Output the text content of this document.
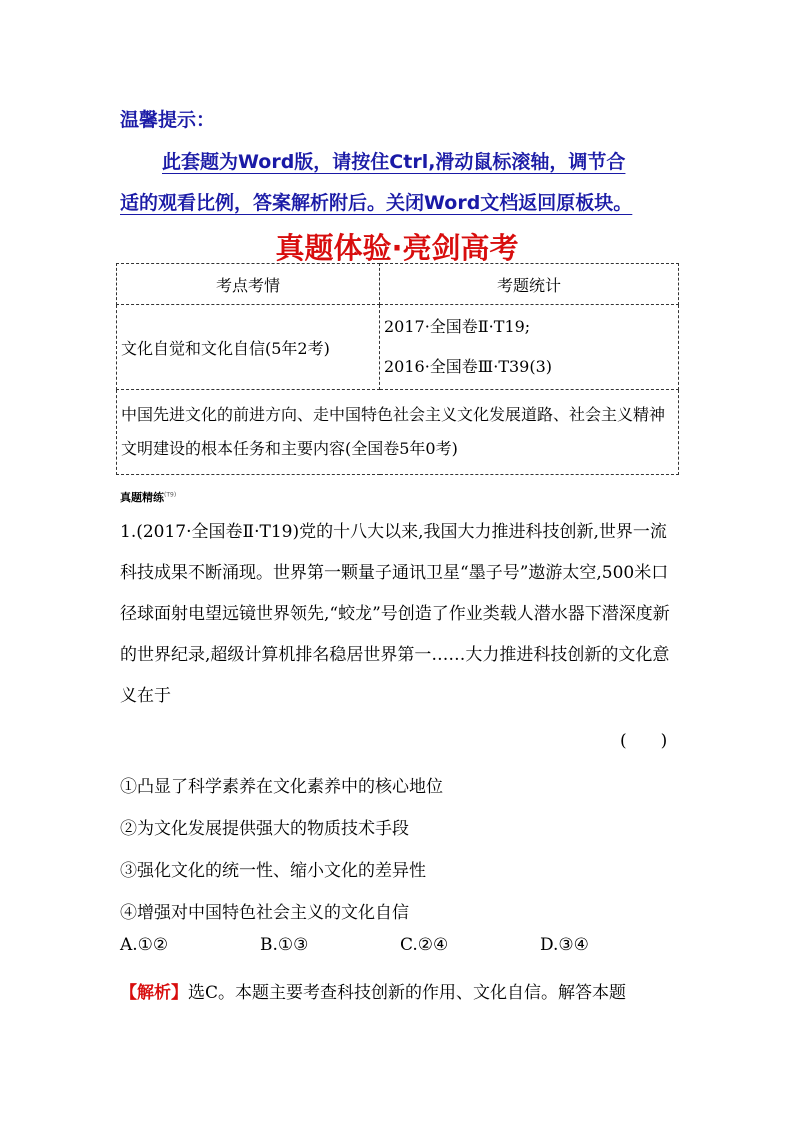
温馨提示：
此套题为Word版，请按住Ctrl,滑动鼠标滚轴，调节合
适的观看比例，答案解析附后。关闭Word文档返回原板块。
真题体验·亮剑高考
考点考情	考题统计
文化自觉和文化自信(5年2考)	2017·全国卷Ⅱ·T19;
2016·全国卷Ⅲ·T39(3)

中国先进文化的前进方向、走中国特色社会主义文化发展道路、社会主义精神文明建设的根本任务和主要内容(全国卷5年0考)	
真题精练$^{(T9)}$
1.(2017·全国卷Ⅱ·T19)党的十八大以来,我国大力推进科技创新,世界一流科技成果不断涌现。世界第一颗量子通讯卫星“墨子号”遨游太空,500米口径球面射电望远镜世界领先,“蛟龙”号创造了作业类载人潜水器下潜深度新的世界纪录,超级计算机排名稳居世界第一……大力推进科技创新的文化意义在于
(　　)
①凸显了科学素养在文化素养中的核心地位
②为文化发展提供强大的物质技术手段
③强化文化的统一性、缩小文化的差异性
④增强对中国特色社会主义的文化自信
A.①②	B.①③	C.②④	D.③④
【解析】选C。本题主要考查科技创新的作用、文化自信。解答本题
